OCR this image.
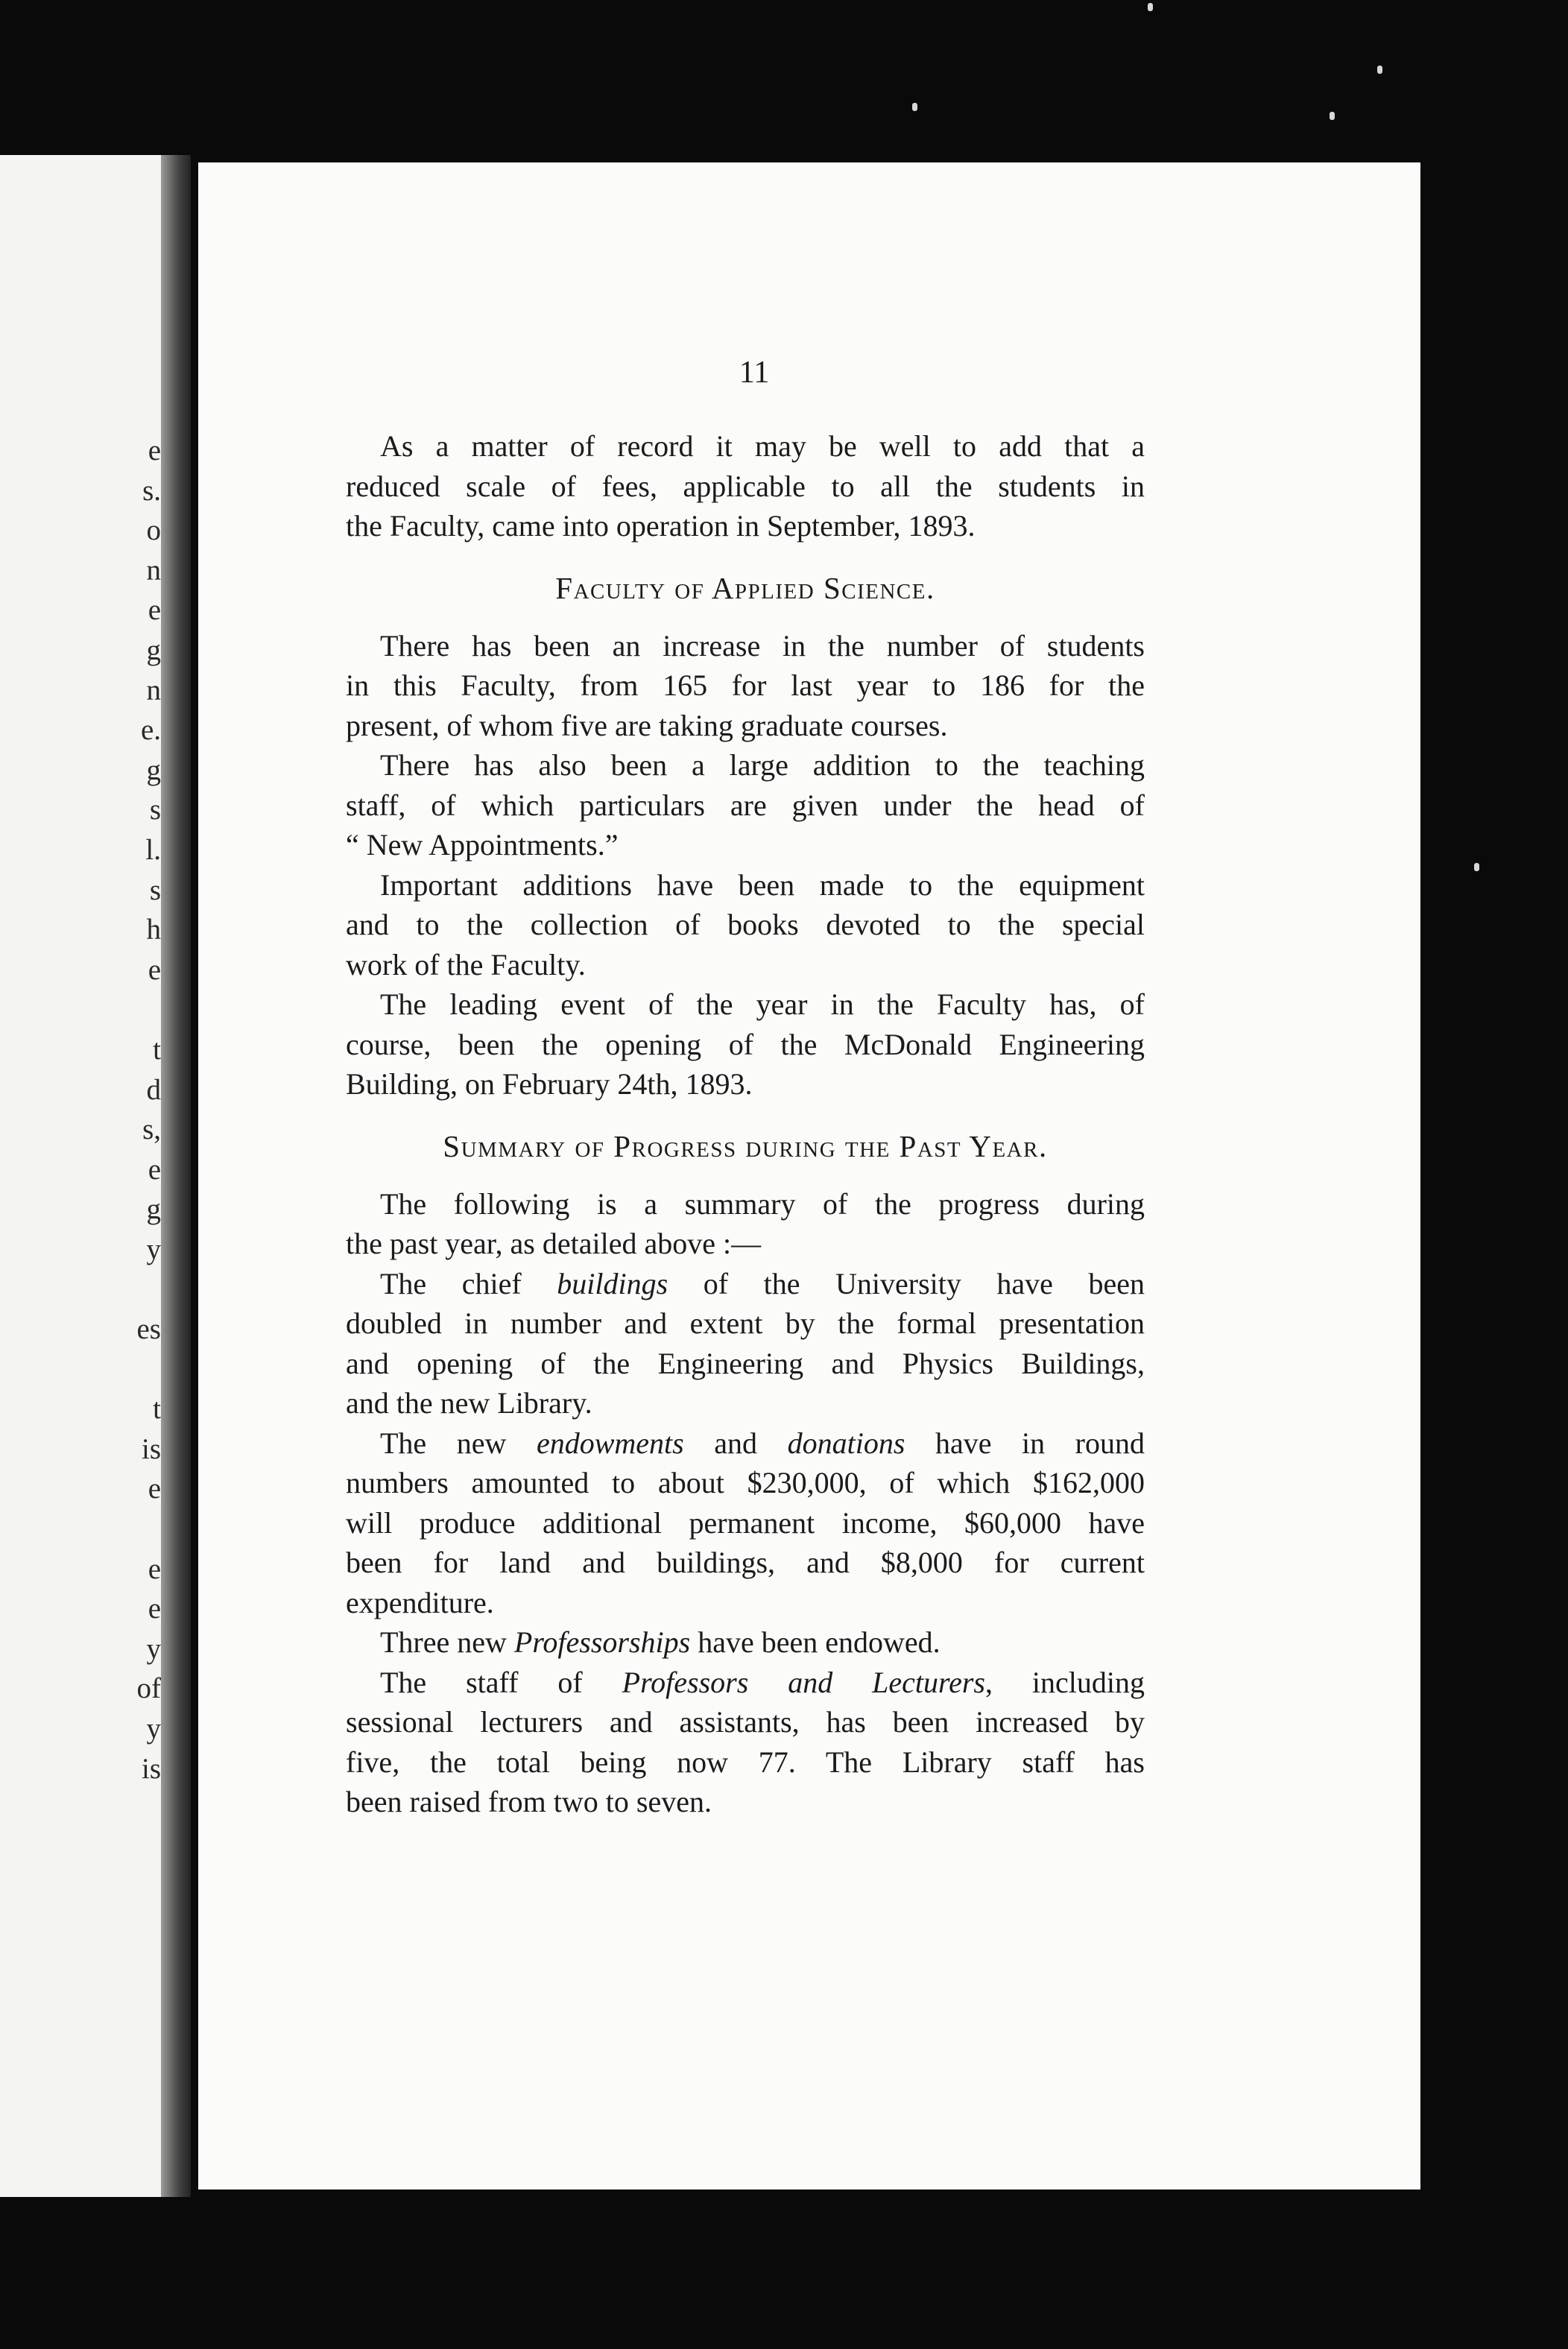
e
s.
o
n
e
g
n
e.
g
s
l.
s
h
e
t
d
s,
e
g
y
es
t
is
e
e
e
y
of
y
is
11
As a matter of record it may be well to add that a
reduced scale of fees, applicable to all the students in
the Faculty, came into operation in September, 1893.
Faculty of Applied Science.
There has been an increase in the number of students
in this Faculty, from 165 for last year to 186 for the
present, of whom five are taking graduate courses.
There has also been a large addition to the teaching
staff, of which particulars are given under the head of
“ New Appointments.”
Important additions have been made to the equipment
and to the collection of books devoted to the special
work of the Faculty.
The leading event of the year in the Faculty has, of
course, been the opening of the McDonald Engineering
Building, on February 24th, 1893.
Summary of Progress during the Past Year.
The following is a summary of the progress during
the past year, as detailed above :—
The chief buildings of the University have been
doubled in number and extent by the formal presentation
and opening of the Engineering and Physics Buildings,
and the new Library.
The new endowments and donations have in round
numbers amounted to about $230,000, of which $162,000
will produce additional permanent income, $60,000 have
been for land and buildings, and $8,000 for current
expenditure.
Three new Professorships have been endowed.
The staff of Professors and Lecturers, including
sessional lecturers and assistants, has been increased by
five, the total being now 77. The Library staff has
been raised from two to seven.
